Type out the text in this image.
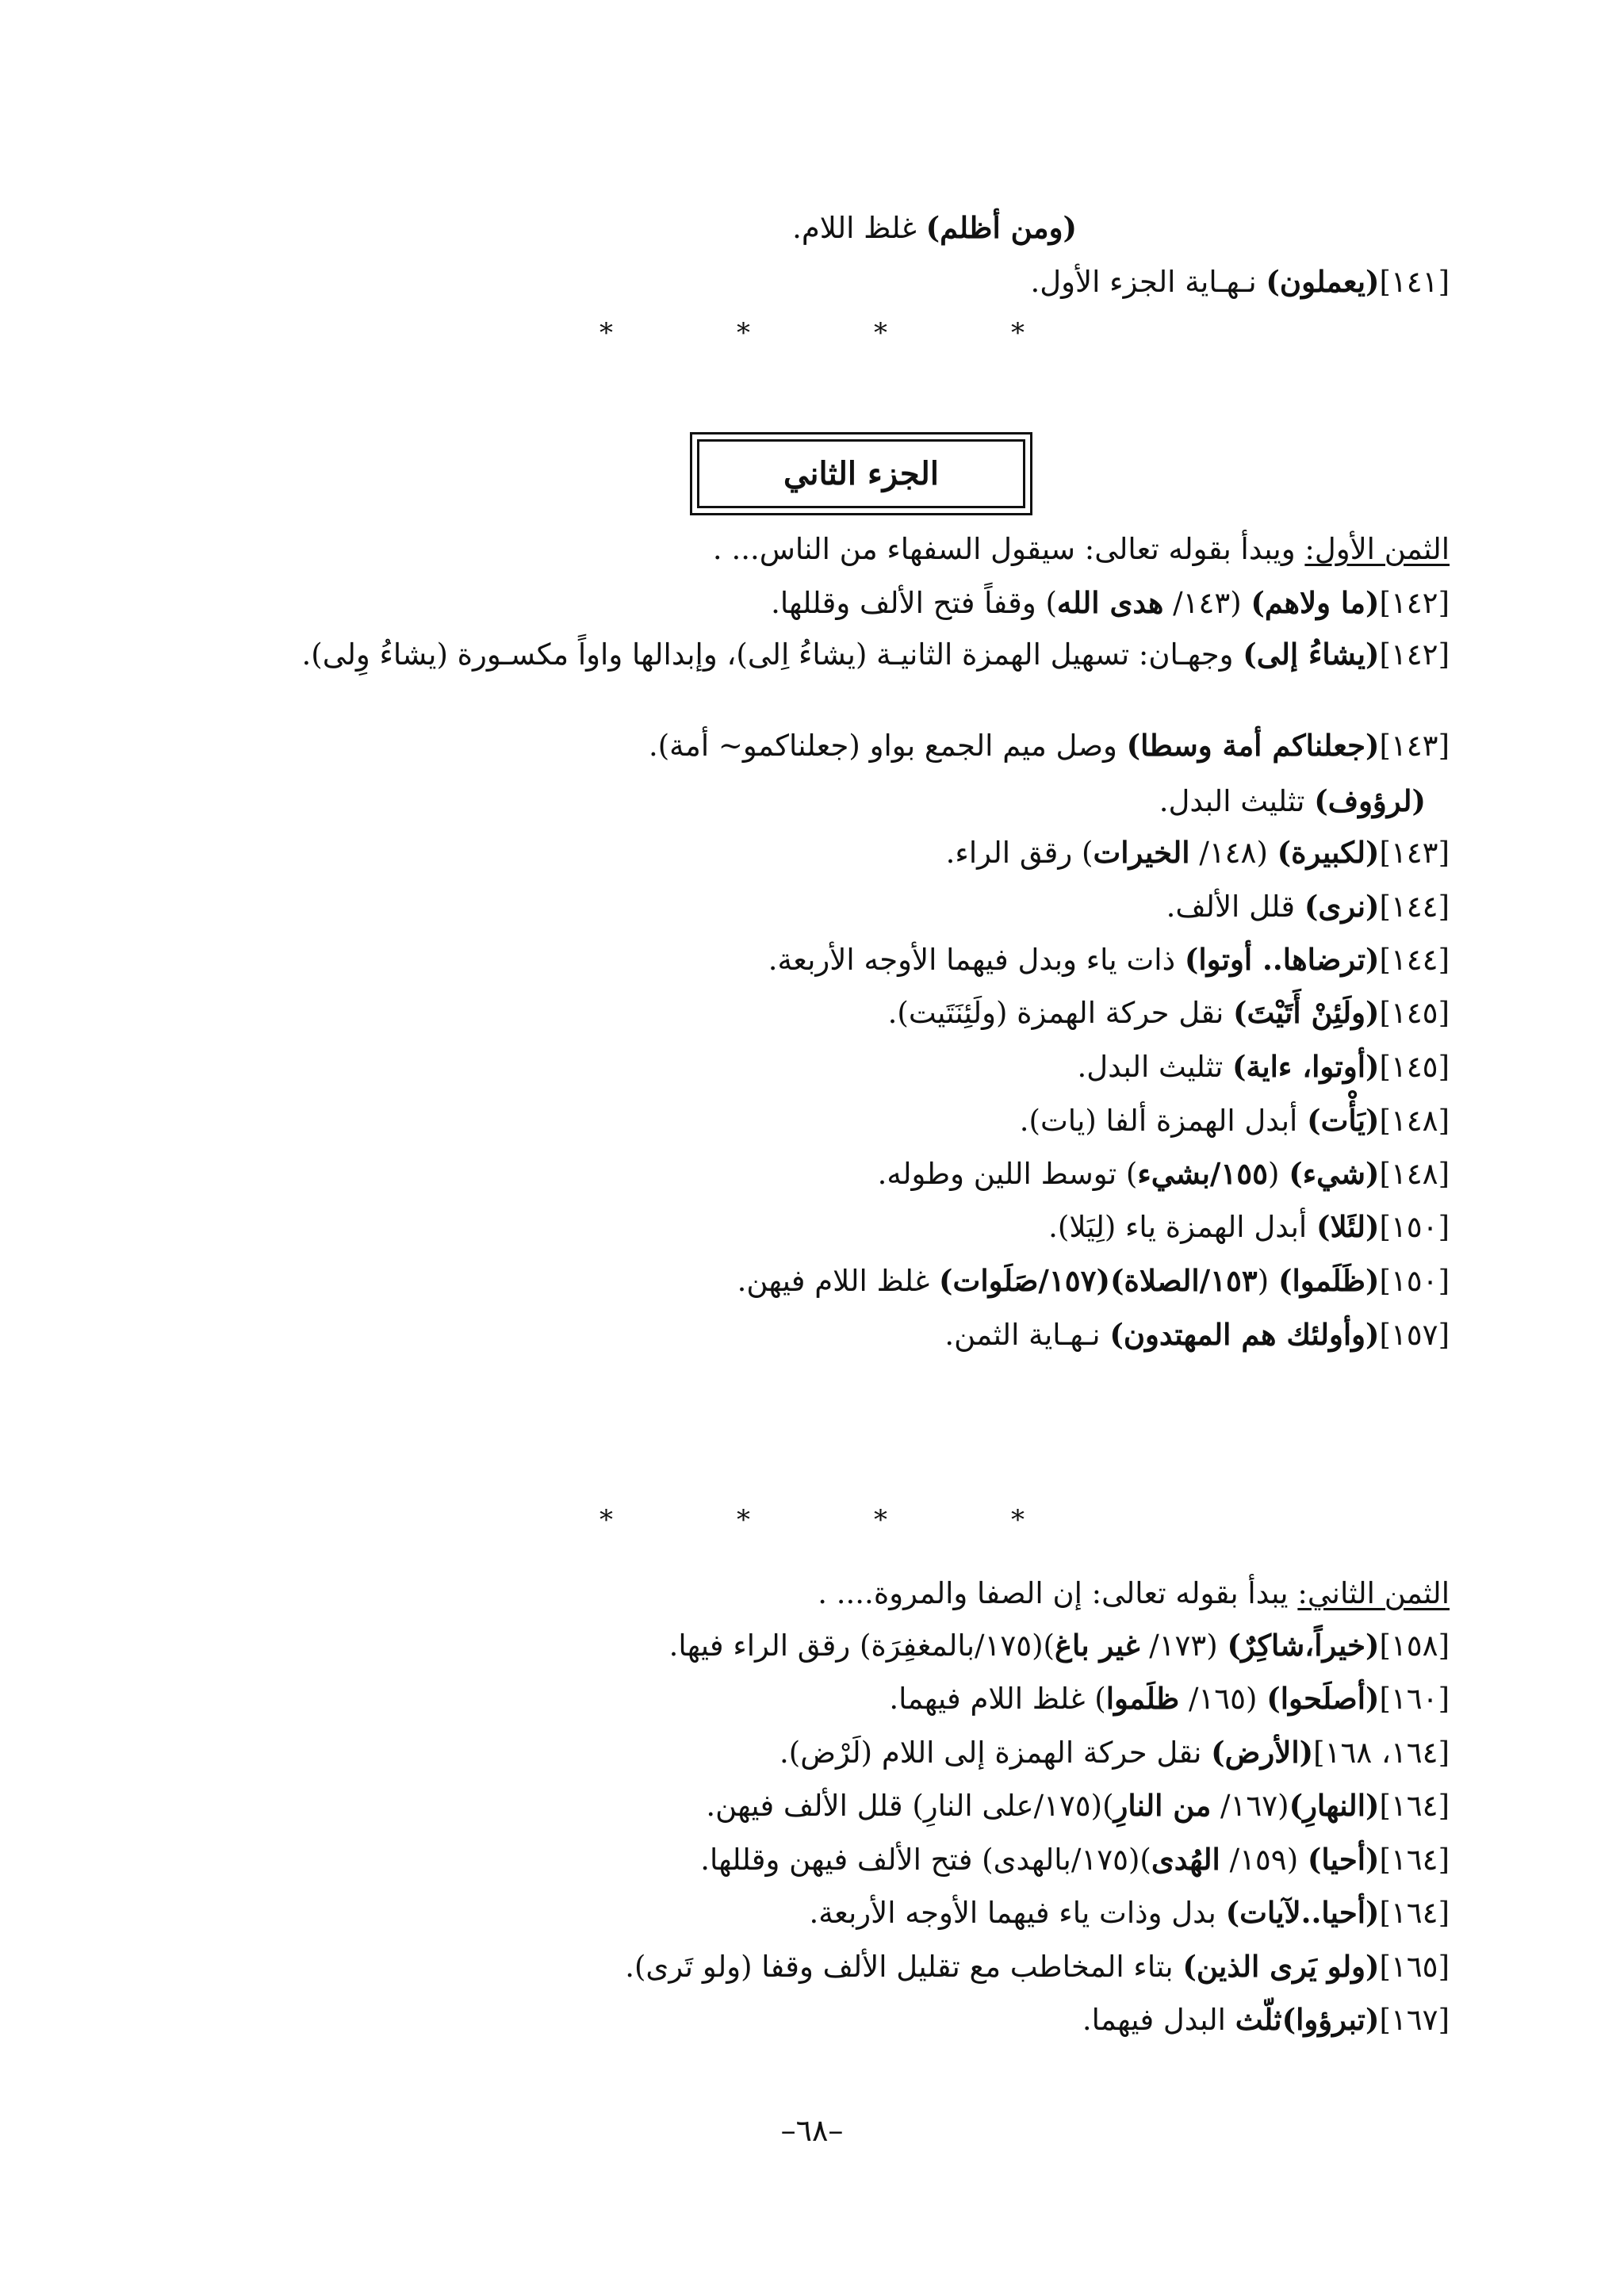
(ومن أظلم) غلظ اللام.
[١٤١](يعملون) نـهـاية الجزء الأول.
*	*	*	*
الجزء الثاني
الثمن الأول: ويبدأ بقوله تعالى: سيقول السفهاء من الناس... .
[١٤٢](ما ولاهم) (١٤٣/ هدى الله) وقفاً فتح الألف وقللها.
[١٤٢](يشاءُ إلى) وجهـان: تسهيل الهمزة الثانيـة (يشاءُ اِلى)، وإبدالها واواً مكسـورة (يشاءُ وِلى).
[١٤٣](جعلناكم أمة وسطا) وصل ميم الجمع بواو (جعلناكمو~ أمة).
(لرؤوف) تثليث البدل.
[١٤٣](لكبيرة) (١٤٨/ الخيرات) رقق الراء.
[١٤٤](نرى) قلل الألف.
[١٤٤](ترضاها.. أوتوا) ذات ياء وبدل فيهما الأوجه الأربعة.
[١٤٥](ولَئِنْ أَتَيْتَ) نقل حركة الهمزة (ولَئِنَتَيت).
[١٤٥](أوتوا، ءاية) تثليث البدل.
[١٤٨](يَأْت) أبدل الهمزة ألفا (يات).
[١٤٨](شيء) (١٥٥/بشيء) توسط اللين وطوله.
[١٥٠](لئَلا) أبدل الهمزة ياء (لِيَلا).
[١٥٠](ظَلَموا) (١٥٣/الصلاة)(١٥٧/صَلَوات) غلظ اللام فيهن.
[١٥٧](وأولئك هم المهتدون) نـهـاية الثمن.
*	*	*	*
الثمن الثاني: يبدأ بقوله تعالى: إن الصفا والمروة.... .
[١٥٨](خيراً،شاكِرٌ) (١٧٣/ غير باغ)(١٧٥/بالمغفِرَة) رقق الراء فيها.
[١٦٠](أصلَحوا) (١٦٥/ ظلَموا) غلظ اللام فيهما.
[١٦٤، ١٦٨](الأرض) نقل حركة الهمزة إلى اللام (لَرْض).
[١٦٤](النهارِ)(١٦٧/ من النارِ)(١٧٥/على النارِ) قلل الألف فيهن.
[١٦٤](أحيا) (١٥٩/ الهُدى)(١٧٥/بالهدى) فتح الألف فيهن وقللها.
[١٦٤](أحيا..لآيات) بدل وذات ياء فيهما الأوجه الأربعة.
[١٦٥](ولو يَرى الذين) بتاء المخاطب مع تقليل الألف وقفا (ولو تَرى).
[١٦٧](تبرؤوا)ثلّث البدل فيهما.
–٦٨–
